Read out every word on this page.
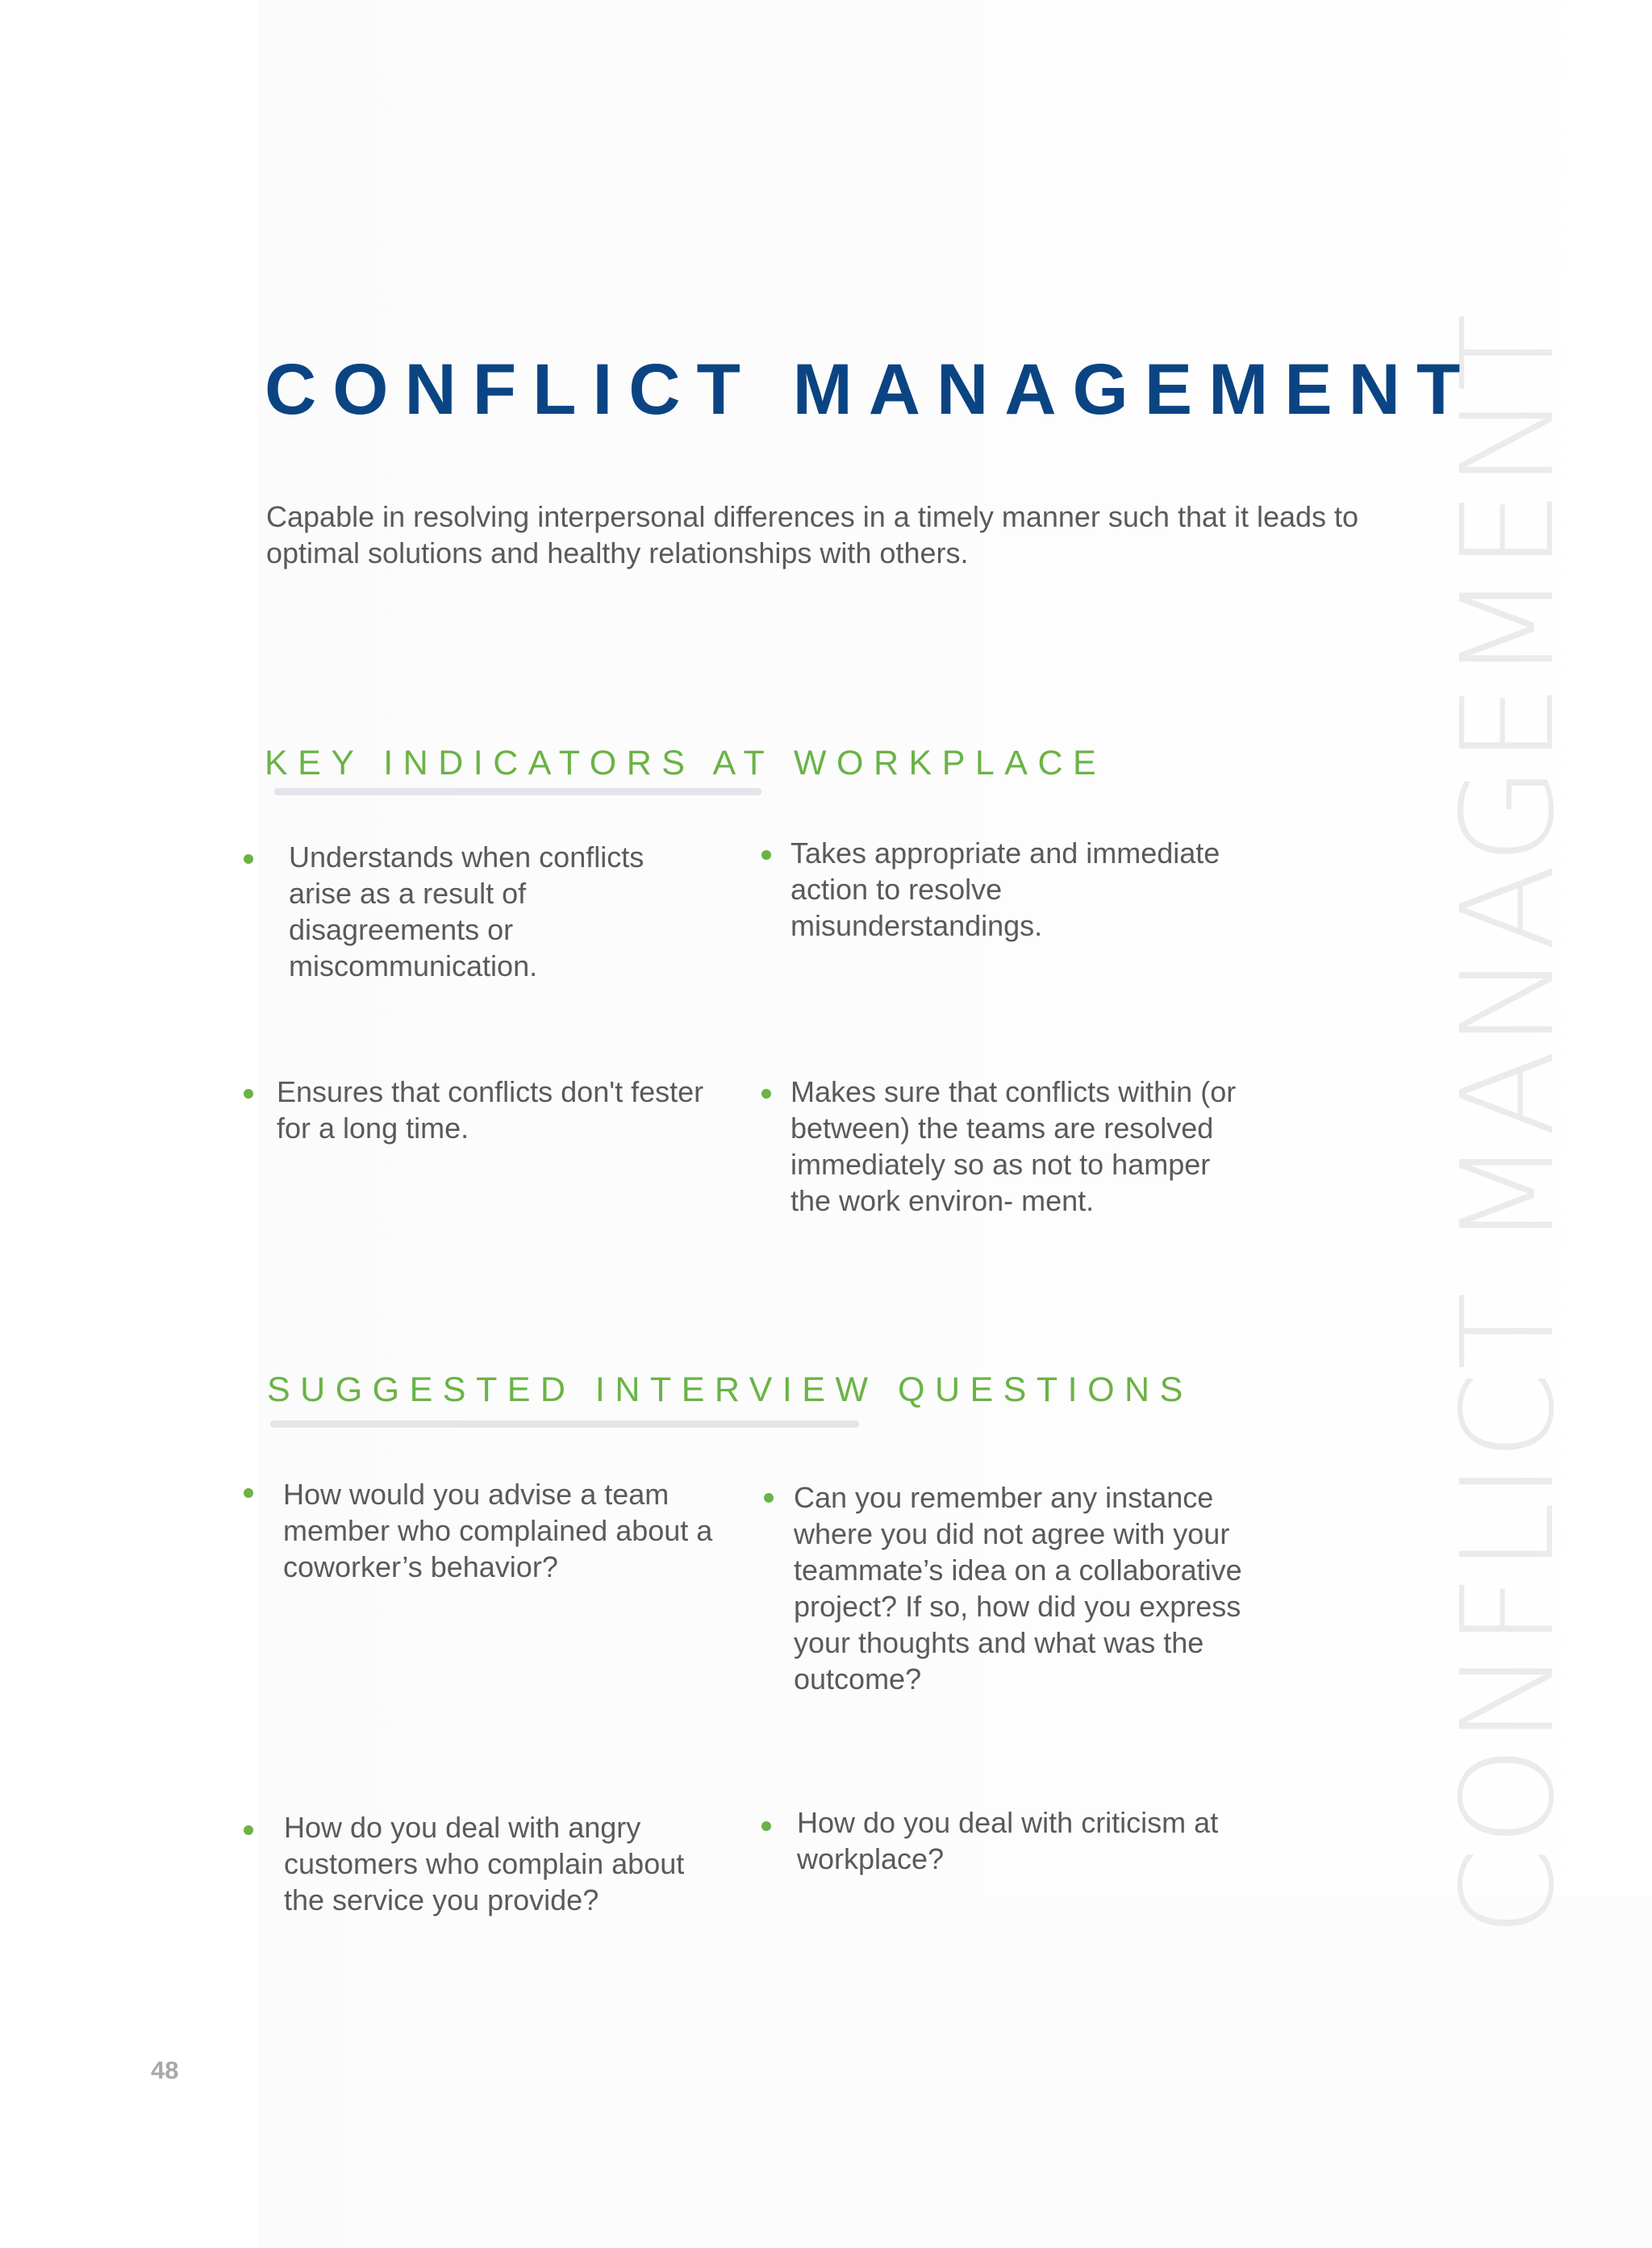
CONFLICT MANAGEMENT
CONFLICT MANAGEMENT

Capable in resolving interpersonal differences in a timely manner such that it leads to optimal solutions and healthy relationships with others.

KEY INDICATORS AT WORKPLACE

Understands when conflicts arise as a result of disagreements or miscommunication.

Takes appropriate and immediate action to resolve misunderstandings.

Ensures that conflicts don't fester for a long time.

Makes sure that conflicts within (or between) the teams are resolved immediately so as not to hamper the work environ- ment.

SUGGESTED INTERVIEW QUESTIONS

How would you advise a team member who complained about a coworker’s behavior?

Can you remember any instance where you did not agree with your teammate’s idea on a collaborative project? If so, how did you express your thoughts and what was the outcome?

How do you deal with angry customers who complain about the service you provide?

How do you deal with criticism at workplace?

48
